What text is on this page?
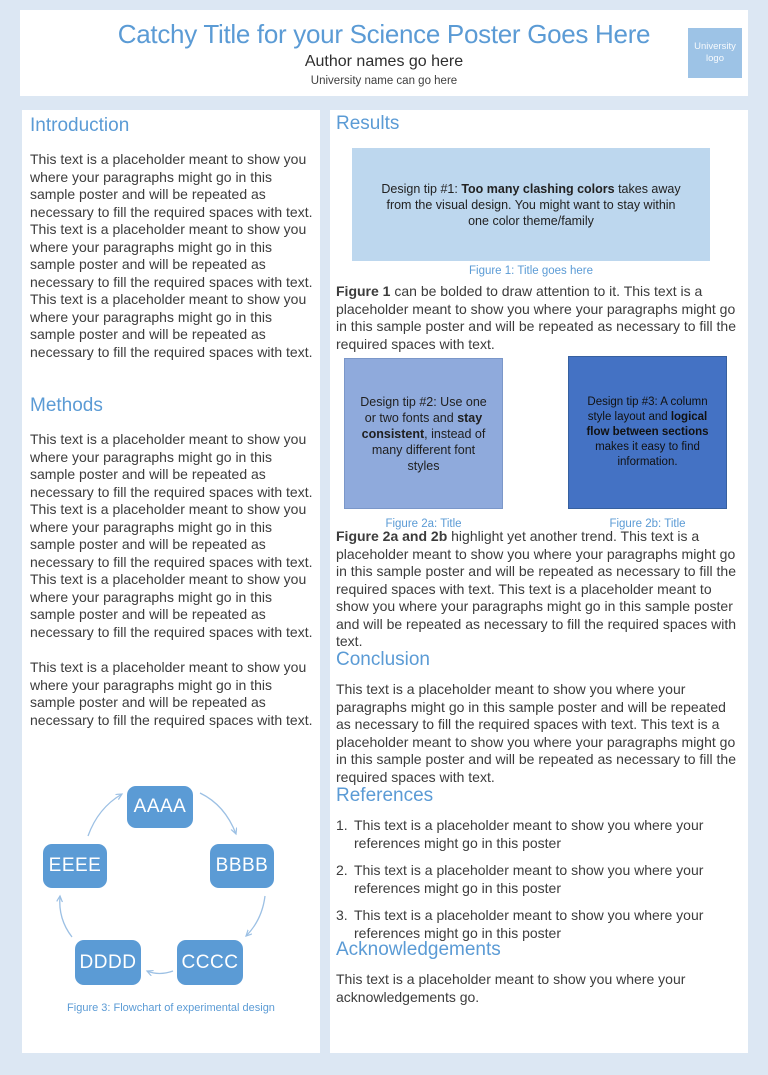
Catchy Title for your Science Poster Goes Here
Author names go here
University name can go here
University logo
Introduction

This text is a placeholder meant to show you where your paragraphs might go in this sample poster and will be repeated as necessary to fill the required spaces with text. This text is a placeholder meant to show you where your paragraphs might go in this sample poster and will be repeated as necessary to fill the required spaces with text. This text is a placeholder meant to show you where your paragraphs might go in this sample poster and will be repeated as necessary to fill the required spaces with text.

Methods

This text is a placeholder meant to show you where your paragraphs might go in this sample poster and will be repeated as necessary to fill the required spaces with text. This text is a placeholder meant to show you where your paragraphs might go in this sample poster and will be repeated as necessary to fill the required spaces with text. This text is a placeholder meant to show you where your paragraphs might go in this sample poster and will be repeated as necessary to fill the required spaces with text.

This text is a placeholder meant to show you where your paragraphs might go in this sample poster and will be repeated as necessary to fill the required spaces with text.

AAAA
BBBB
CCCC
DDDD
EEEE
Figure 3: Flowchart of experimental design
Results
Design tip #1: Too many clashing colors takes away from the visual design. You might want to stay within one color theme/family
Figure 1: Title goes here

Figure 1 can be bolded to draw attention to it. This text is a placeholder meant to show you where your paragraphs might go in this sample poster and will be repeated as necessary to fill the required spaces with text.

Design tip #2: Use one or two fonts and stay consistent, instead of many different font styles
Design tip #3: A column style layout and logical flow between sections makes it easy to find information.
Figure 2a: Title	Figure 2b: Title

Figure 2a and 2b highlight yet another trend. This text is a placeholder meant to show you where your paragraphs might go in this sample poster and will be repeated as necessary to fill the required spaces with text. This text is a placeholder meant to show you where your paragraphs might go in this sample poster and will be repeated as necessary to fill the required spaces with text.

Conclusion

This text is a placeholder meant to show you where your paragraphs might go in this sample poster and will be repeated as necessary to fill the required spaces with text. This text is a placeholder meant to show you where your paragraphs might go in this sample poster and will be repeated as necessary to fill the required spaces with text.

References
1. This text is a placeholder meant to show you where your references might go in this poster
2. This text is a placeholder meant to show you where your references might go in this poster
3. This text is a placeholder meant to show you where your references might go in this poster
Acknowledgements

This text is a placeholder meant to show you where your acknowledgements go.
